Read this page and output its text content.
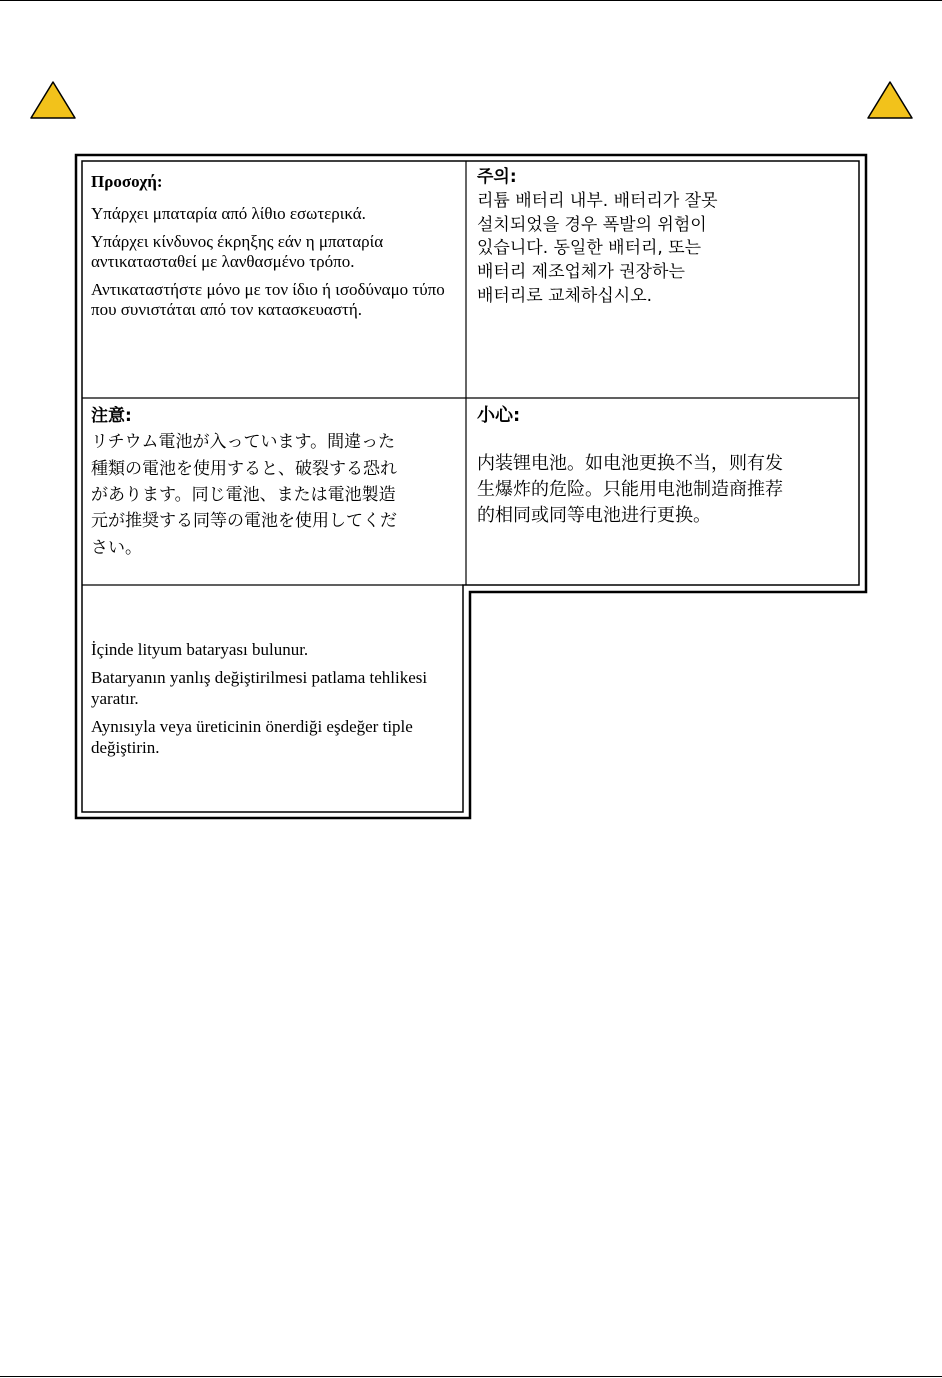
Προσοχή:

Υπάρχει μπαταρία από λίθιο εσωτερικά.

Υπάρχει κίνδυνος έκρηξης εάν η μπαταρία αντικατασταθεί με λανθασμένο τρόπο.

Αντικαταστήστε μόνο με τον ίδιο ή ισοδύναμο τύπο που συνιστάται από τον κατασκευαστή.

주의:

리튬 배터리 내부. 배터리가 잘못

설치되었을 경우 폭발의 위험이

있습니다. 동일한 배터리, 또는

배터리 제조업체가 권장하는

배터리로 교체하십시오.

注意:

リチウム電池が入っています。間違った

種類の電池を使用すると、破裂する恐れ

があります。同じ電池、または電池製造

元が推奨する同等の電池を使用してくだ

さい。

小心:

内装锂电池。如电池更换不当，则有发

生爆炸的危险。只能用电池制造商推荐

的相同或同等电池进行更换。

İçinde lityum bataryası bulunur.

Bataryanın yanlış değiştirilmesi patlama tehlikesi yaratır.

Aynısıyla veya üreticinin önerdiği eşdeğer tiple değiştirin.
